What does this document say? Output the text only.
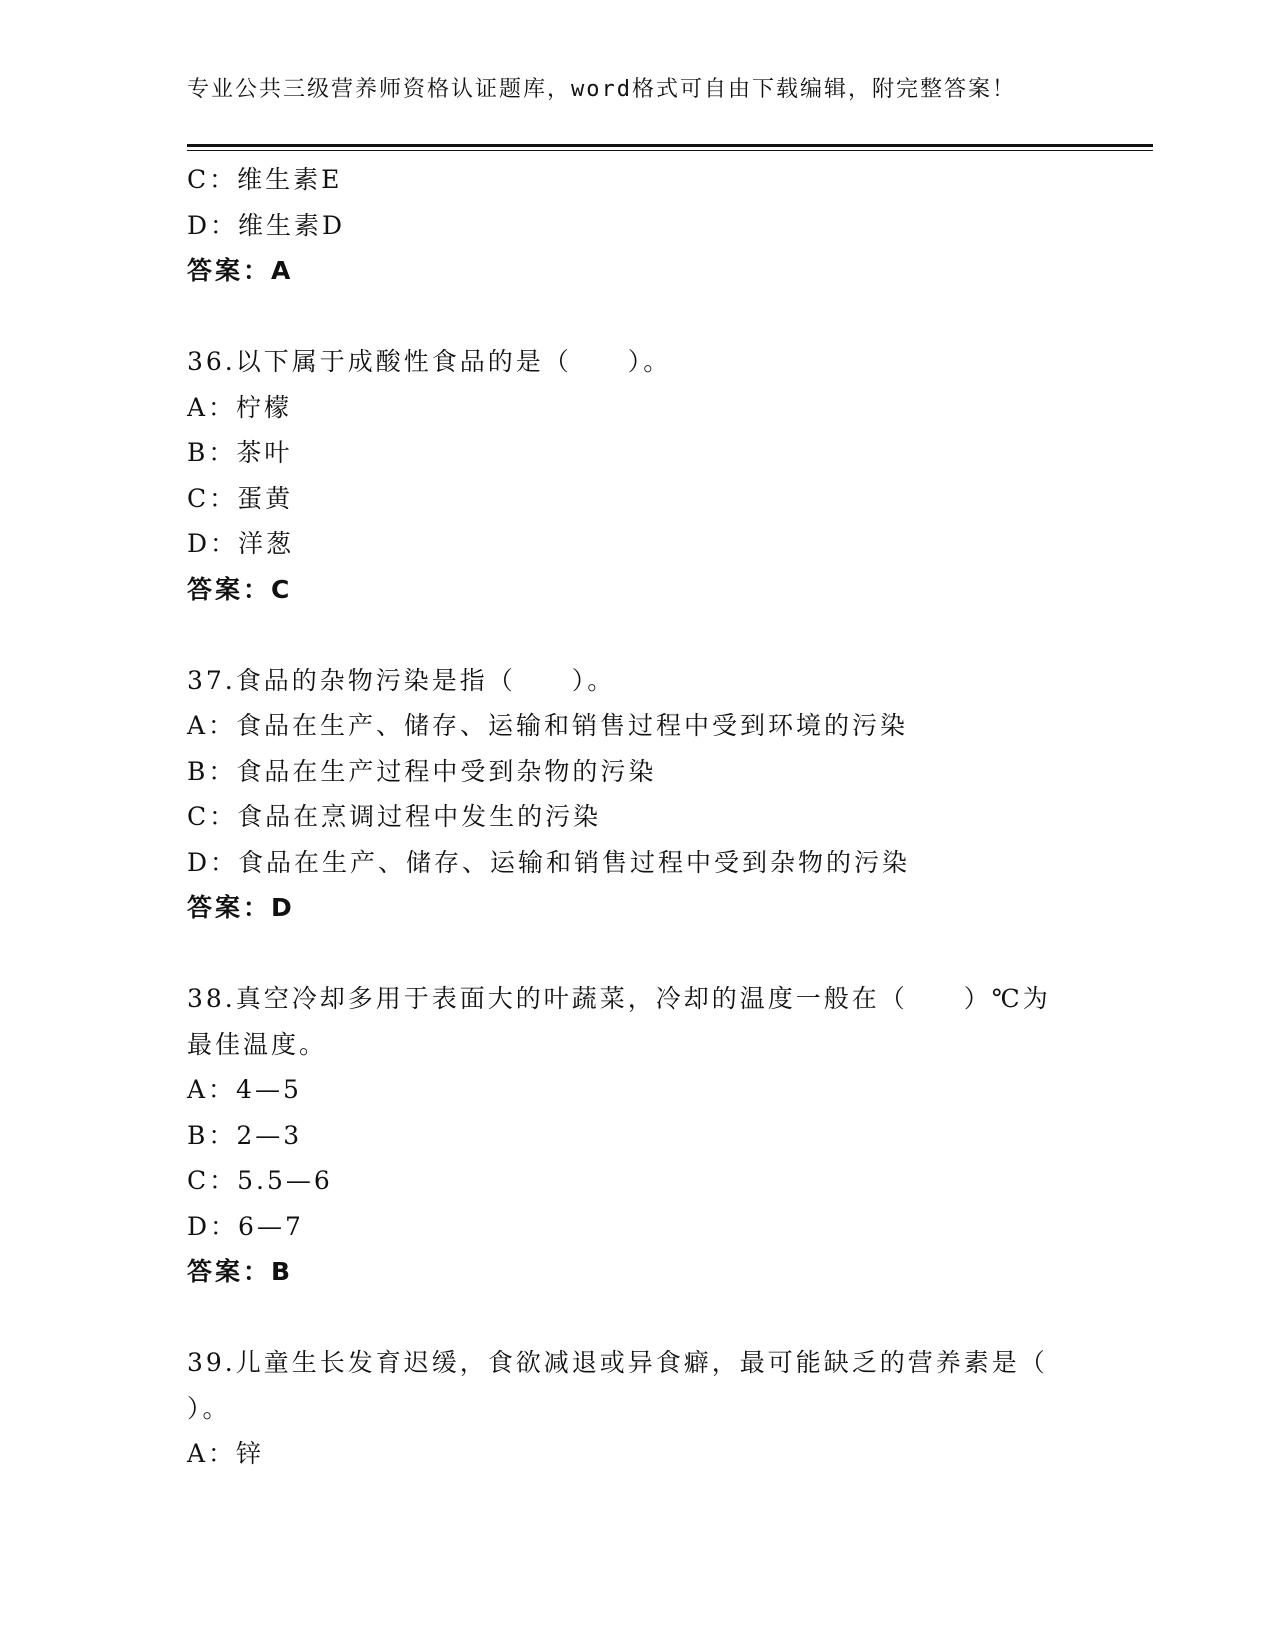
专业公共三级营养师资格认证题库，word格式可自由下载编辑，附完整答案！
C：维生素E
D：维生素D
答案：A
36.以下属于成酸性食品的是（　　）。
A：柠檬
B：茶叶
C：蛋黄
D：洋葱
答案：C
37.食品的杂物污染是指（　　）。
A：食品在生产、储存、运输和销售过程中受到环境的污染
B：食品在生产过程中受到杂物的污染
C：食品在烹调过程中发生的污染
D：食品在生产、储存、运输和销售过程中受到杂物的污染
答案：D
38.真空冷却多用于表面大的叶蔬菜，冷却的温度一般在（　　）℃为
最佳温度。
A：4—5
B：2—3
C：5.5—6
D：6—7
答案：B
39.儿童生长发育迟缓，食欲减退或异食癖，最可能缺乏的营养素是（
）。
A：锌
